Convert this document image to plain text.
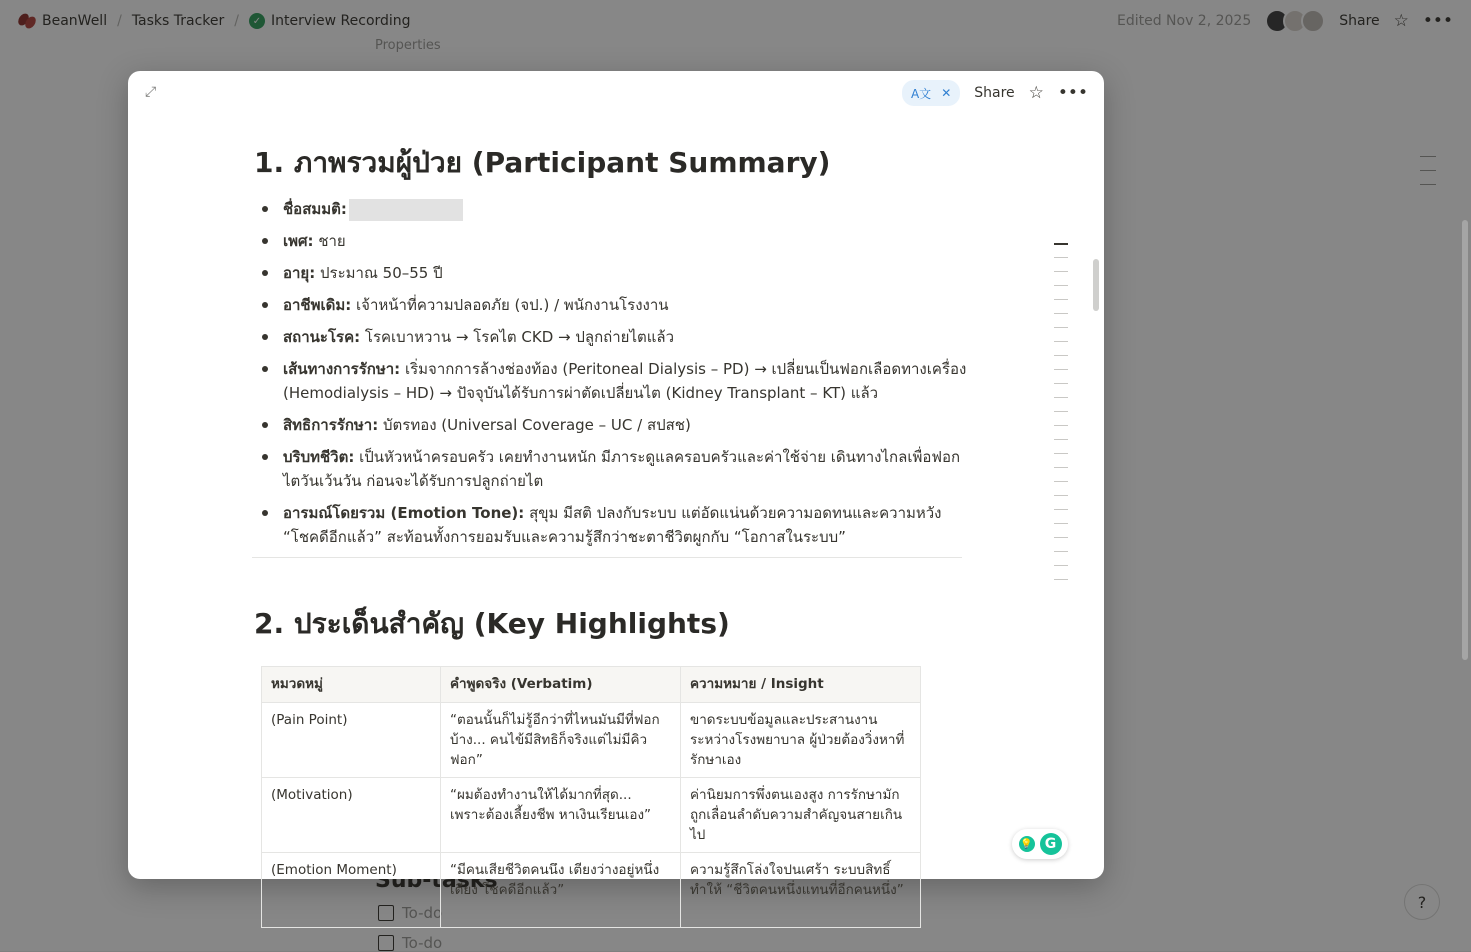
⤢	A文 ✕ Share ☆ •••
1. ภาพรวมผู้ป่วย (Participant Summary)
ชื่อสมมติ:
เพศ: ชาย
อายุ: ประมาณ 50–55 ปี
อาชีพเดิม: เจ้าหน้าที่ความปลอดภัย (จป.) / พนักงานโรงงาน
สถานะโรค: โรคเบาหวาน → โรคไต CKD → ปลูกถ่ายไตแล้ว
เส้นทางการรักษา: เริ่มจากการล้างช่องท้อง (Peritoneal Dialysis – PD) → เปลี่ยนเป็นฟอกเลือดทางเครื่อง (Hemodialysis – HD) → ปัจจุบันได้รับการผ่าตัดเปลี่ยนไต (Kidney Transplant – KT) แล้ว
สิทธิการรักษา: บัตรทอง (Universal Coverage – UC / สปสช)
บริบทชีวิต: เป็นหัวหน้าครอบครัว เคยทำงานหนัก มีภาระดูแลครอบครัวและค่าใช้จ่าย เดินทางไกลเพื่อฟอกไตวันเว้นวัน ก่อนจะได้รับการปลูกถ่ายไต
อารมณ์โดยรวม (Emotion Tone): สุขุม มีสติ ปลงกับระบบ แต่อัดแน่นด้วยความอดทนและความหวัง “โชคดีอีกแล้ว” สะท้อนทั้งการยอมรับและความรู้สึกว่าชะตาชีวิตผูกกับ “โอกาสในระบบ”
2. ประเด็นสำคัญ (Key Highlights)
หมวดหมู่	คำพูดจริง (Verbatim)	ความหมาย / Insight
(Pain Point)	“ตอนนั้นก็ไม่รู้อีกว่าที่ไหนมันมีที่ฟอกบ้าง... คนไข้มีสิทธิก็จริงแต่ไม่มีคิวฟอก”	ขาดระบบข้อมูลและประสานงานระหว่างโรงพยาบาล ผู้ป่วยต้องวิ่งหาที่รักษาเอง
(Motivation)	“ผมต้องทำงานให้ได้มากที่สุด... เพราะต้องเลี้ยงชีพ หาเงินเรียนเอง”	ค่านิยมการพึ่งตนเองสูง การรักษามักถูกเลื่อนลำดับความสำคัญจนสายเกินไป
(Emotion Moment)	“มีคนเสียชีวิตคนนึง เตียงว่างอยู่หนึ่งเตียง โชคดีอีกแล้ว”	ความรู้สึกโล่งใจปนเศร้า ระบบสิทธิ์ทำให้ “ชีวิตคนหนึ่งแทนที่อีกคนหนึ่ง”
💡 G
